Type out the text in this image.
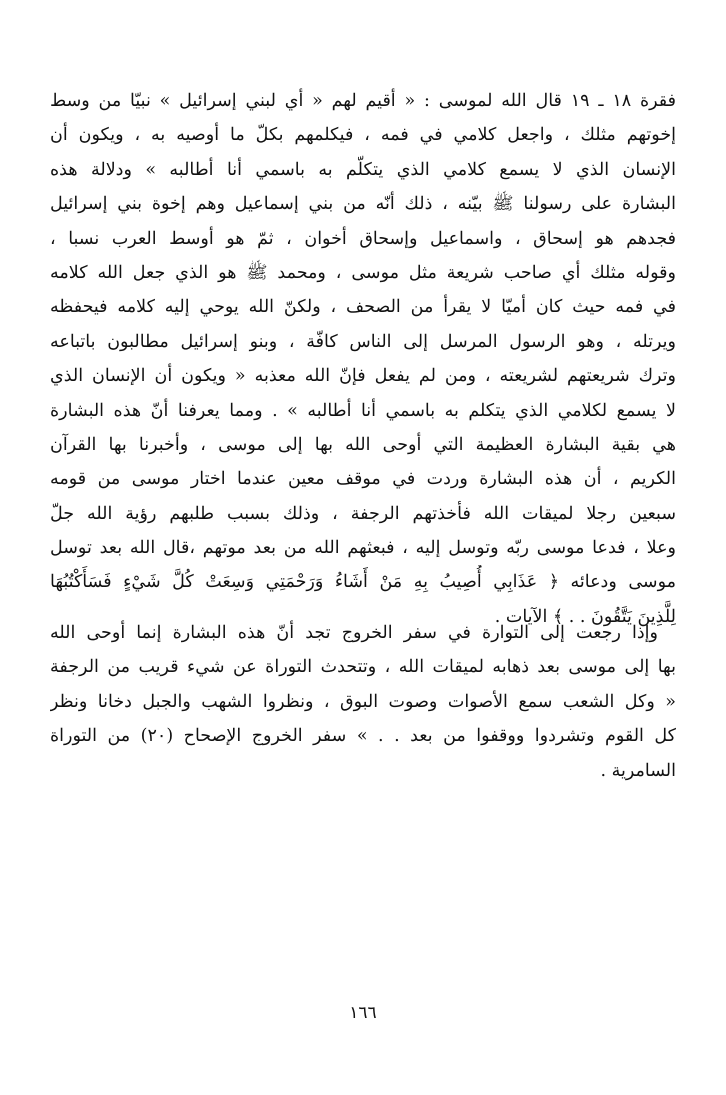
فقرة ١٨ ـ ١٩ قال الله لموسى : « أقيم لهم « أي لبني إسرائيل » نبيّا من وسط
إخوتهم مثلك ، واجعل كلامي في فمه ، فيكلمهم بكلّ ما أوصيه به ، ويكون أن
الإنسان الذي لا يسمع كلامي الذي يتكلّم به باسمي أنا أطالبه » ودلالة هذه
البشارة على رسولنا ﷺ بيّنه ، ذلك أنّه من بني إسماعيل وهم إخوة بني إسرائيل
فجدهم هو إسحاق ، واسماعيل وإسحاق أخوان ، ثمّ هو أوسط العرب نسبا ،
وقوله مثلك أي صاحب شريعة مثل موسى ، ومحمد ﷺ هو الذي جعل الله كلامه
في فمه حيث كان أميّا لا يقرأ من الصحف ، ولكنّ الله يوحي إليه كلامه فيحفظه
ويرتله ، وهو الرسول المرسل إلى الناس كافّة ، وبنو إسرائيل مطالبون باتباعه
وترك شريعتهم لشريعته ، ومن لم يفعل فإنّ الله معذبه « ويكون أن الإنسان الذي
لا يسمع لكلامي الذي يتكلم به باسمي أنا أطالبه » . ومما يعرفنا أنّ هذه البشارة
هي بقية البشارة العظيمة التي أوحى الله بها إلى موسى ، وأخبرنا بها القرآن
الكريم ، أن هذه البشارة وردت في موقف معين عندما اختار موسى من قومه
سبعين رجلا لميقات الله فأخذتهم الرجفة ، وذلك بسبب طلبهم رؤية الله جلّ
وعلا ، فدعا موسى ربّه وتوسل إليه ، فبعثهم الله من بعد موتهم ،قال الله بعد توسل
موسى ودعائه ﴿ عَذَابِي أُصِيبُ بِهِ مَنْ أَشَاءُ وَرَحْمَتِي وَسِعَتْ كُلَّ شَيْءٍ فَسَأَكْتُبُهَا
لِلَّذِينَ يَتَّقُونَ . . ﴾ الآيات .
وإذا رجعت إلى التوارة في سفر الخروج تجد أنّ هذه البشارة إنما أوحى الله
بها إلى موسى بعد ذهابه لميقات الله ، وتتحدث التوراة عن شيء قريب من الرجفة
« وكل الشعب سمع الأصوات وصوت البوق ، ونظروا الشهب والجبل دخانا ونظر
كل القوم وتشردوا ووقفوا من بعد . . » سفر الخروج الإصحاح (٢٠) من التوراة
السامرية .
١٦٦
